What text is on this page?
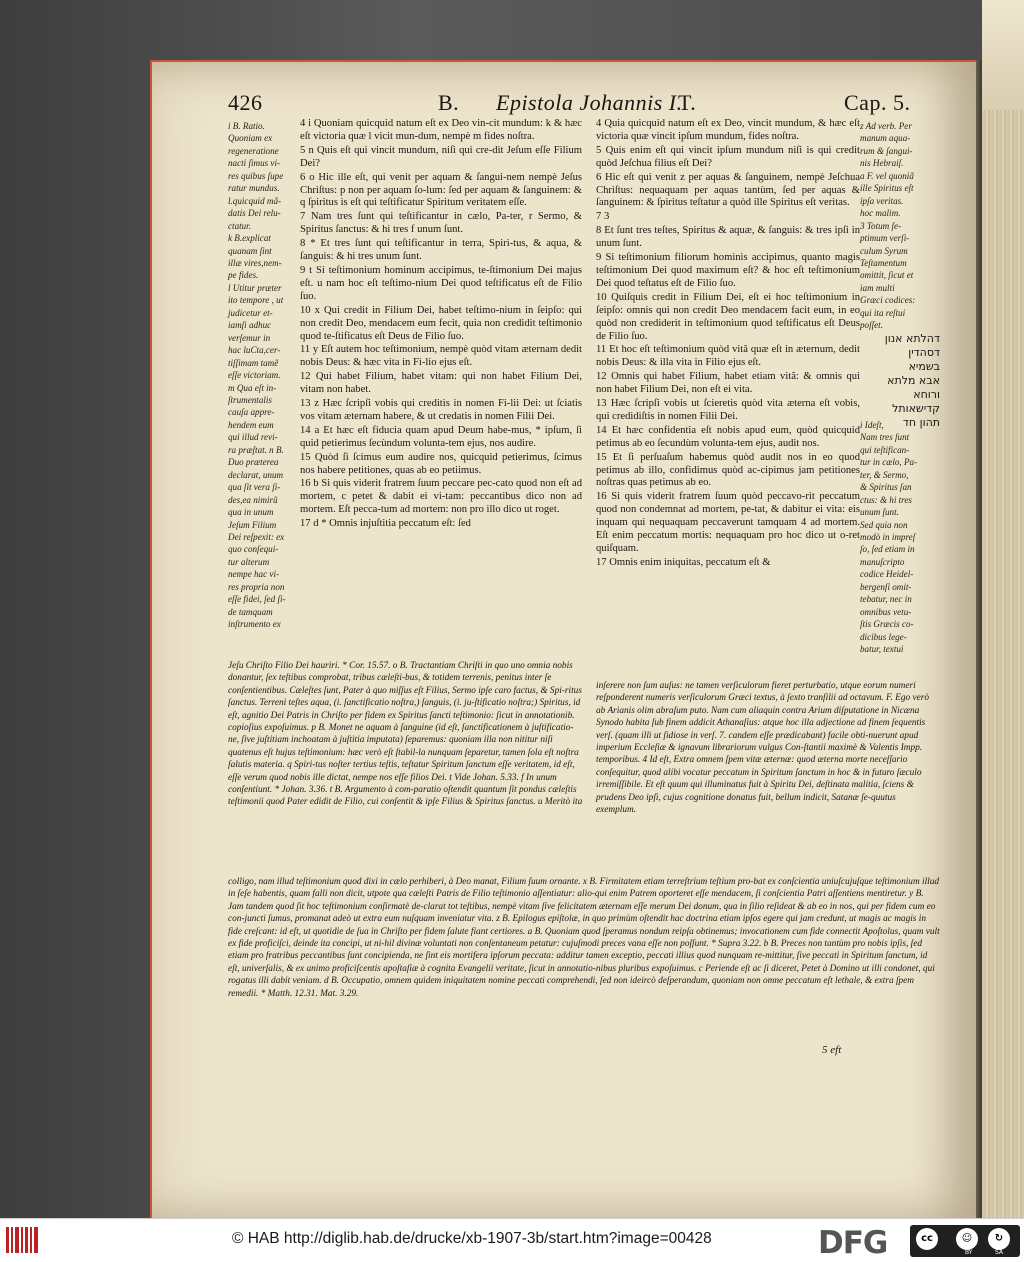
426	B. Epistola Johannis I.
T.	Cap. 5.

i B. Ratio.

Quoniam ex

regeneratione

nacti ſimus vi-

res quibus ſupe

ratur mundus.

l.quicquid mã-

datis Dei relu-

ctatur.

k B.explicat

quanam ſint

illæ vires,nem-

pe fides.

l Utitur præter

ito tempore , ut

judicetur et-

iamſi adhuc

verſemur in

hac luCta,cer-

tiſſimam tamẽ

eſſe victoriam.

m Qua eſt in-

ſtrumentalis

cauſa appre-

hendem eum

qui illud revi-

ra præſtat. n B.

Duo præterea

declarat, unum

qua ſit vera ſi-

des,ea nimirũ

qua in unum

Jeſum Filium

Dei reſpexit: ex

quo conſequi-

tur alterum

nempe hac vi-

res propria non

eſſe fidei, ſed ſi-

de tamquam

inſtrumento ex

4 i Quoniam quicquid natum eſt ex Deo vin-cit mundum: k & hæc eſt victoria quæ l vicit mun-dum, nempè m fides noſtra.

5 n Quis eſt qui vincit mundum, niſi qui cre-dit Jeſum eſſe Filium Dei?

6 o Hic ille eſt, qui venit per aquam & ſangui-nem nempè Jeſus Chriſtus: p non per aquam ſo-lum: ſed per aquam & ſanguinem: & q ſpiritus is eſt qui teſtificatur Spiritum veritatem eſſe.

7 Nam tres ſunt qui teſtificantur in cælo, Pa-ter, r Sermo, & Spiritus ſanctus: & hi tres f unum ſunt.

8 * Et tres ſunt qui teſtificantur in terra, Spiri-tus, & aqua, & ſanguis: & hi tres unum ſunt.

9 t Si teſtimonium hominum accipimus, te-ſtimonium Dei majus eſt. u nam hoc eſt teſtimo-nium Dei quod teſtificatus eſt de Filio ſuo.

10 x Qui credit in Filium Dei, habet teſtimo-nium in ſeipſo: qui non credit Deo, mendacem eum fecit, quia non credidit teſtimonio quod te-ſtificatus eſt Deus de Filio ſuo.

11 y Eſt autem hoc teſtimonium, nempè quòd vitam æternam dedit nobis Deus: & hæc vita in Fi-lio ejus eſt.

12 Qui habet Filium, habet vitam: qui non habet Filium Dei, vitam non habet.

13 z Hæc ſcripſi vobis qui creditis in nomen Fi-lii Dei: ut ſciatis vos vitam æternam habere, & ut credatis in nomen Filii Dei.

14 a Et hæc eſt fiducia quam apud Deum habe-mus, * ipſum, ſi quid petierimus ſecùndum volunta-tem ejus, nos audire.

15 Quòd ſi ſcimus eum audire nos, quicquid petierimus, ſcimus nos habere petitiones, quas ab eo petiimus.

16 b Si quis viderit fratrem ſuum peccare pec-cato quod non eſt ad mortem, c petet & dabit ei vi-tam: peccantibus dico non ad mortem. Eſt pecca-tum ad mortem: non pro illo dico ut roget.

17 d * Omnis injuſtitia peccatum eſt: ſed

4 Quia quicquid natum eſt ex Deo, vincit mundum, & hæc eſt victoria quæ vincit ipſum mundum, fides noſtra.

5 Quis enim eſt qui vincit ipſum mundum niſi is qui credit quòd Jeſchua filius eſt Dei?

6 Hic eſt qui venit z per aquas & ſanguinem, nempè Jeſchua Chriſtus: nequaquam per aquas tantùm, ſed per aquas & ſanguinem: & ſpiritus teſtatur a quòd ille Spiritus eſt veritas.

7 3

8 Et ſunt tres teſtes, Spiritus & aquæ, & ſanguis: & tres ipſi in unum ſunt.

9 Si teſtimonium filiorum hominis accipimus, quanto magis teſtimonium Dei quod maximum eſt? & hoc eſt teſtimonium Dei quod teſtatus eſt de Filio ſuo.

10 Quiſquis credit in Filium Dei, eſt ei hoc teſtimonium in ſeipſo: omnis qui non credit Deo mendacem facit eum, in eo quòd non crediderit in teſtimonium quod teſtificatus eſt Deus de Filio ſuo.

11 Et hoc eſt teſtimonium quòd vitã quæ eſt in æternum, dedit nobis Deus: & illa vita in Filio ejus eſt.

12 Omnis qui habet Filium, habet etiam vitã: & omnis qui non habet Filium Dei, non eſt ei vita.

13 Hæc ſcripſi vobis ut ſcieretis quòd vita æterna eſt vobis, qui credidiſtis in nomen Filii Dei.

14 Et hæc confidentia eſt nobis apud eum, quòd quicquid petimus ab eo ſecundùm volunta-tem ejus, audit nos.

15 Et ſi perſuaſum habemus quòd audit nos in eo quod petimus ab illo, confidimus quòd ac-cipimus jam petitiones noſtras quas petimus ab eo.

16 Si quis viderit fratrem ſuum quòd peccavo-rit peccatum quod non condemnat ad mortem, pe-tat, & dabitur ei vita: eis inquam qui nequaquam peccaverunt tamquam 4 ad mortem. Eſt enim peccatum mortis: nequaquam pro hoc dico ut o-ret quiſquam.

17 Omnis enim iniquitas, peccatum eſt &

z Ad verb. Per

manum aqua-

rum & ſangui-

nis Hebraiſ.

a F. vel quoniã

ille Spiritus eſt

ipſa veritas.

hoc malim.

3 Totum ſe-

ptimum verſi-

culum Syrum

Teſtamentum

omittit, ſicut et

iam multi

Græci codices:

qui ita reſtui

poſſet.

i Ideſt,

Nam tres ſunt

qui teſtifican-

tur in cælo, Pa-

ter, & Sermo,

& Spiritus ſan

ctus: & hi tres

unum ſunt.

Sed quia non

modò in impreſ

ſo, ſed etiam in

manuſcripto

codice Heidel-

bergenſi omit-

tebatur, nec in

omnibus vetu-

ſtis Græcis co-

dicibus lege-

batur, textui

דהלתא אנון
דסהדין
בשמיא
אבא מלתא
ורוחא
קדישאותל
תהון חד
Jeſu Chriſto Filio Dei hauriri. * Cor. 15.57. o B. Tractantiam Chriſti in quo uno omnia nobis donantur, ſex teſtibus comprobat, tribus cæleſti-bus, & totidem terrenis, penitus inter ſe conſentientibus. Cæleſtes ſunt, Pater à quo miſſus eſt Filius, Sermo ipſe caro factus, & Spi-ritus ſanctus. Terreni teſtes aqua, (i. ſanctificatio noſtra,) ſanguis, (i. ju-ſtificatio noſtra;) Spiritus, id eſt, agnitio Dei Patris in Chriſto per fidem ex Spiritus ſancti teſtimonio: ſicut in annotationib. copioſius expoſuimus. p B. Monet ne aquam à ſanguine (id eſt, ſanctificationem à juſtificatio-ne, ſive juſtitiam inchoatam à juſtitia imputata) ſeparemus: quoniam illa non nititur niſi quatenus eſt hujus teſtimonium: hæc verò eſt ſtabil-la nunquam ſeparetur, tamen ſola eſt noſtra ſalutis materia. q Spiri-tus noſter tertius teſtis, teſtatur Spiritum ſanctum eſſe veritatem, id eſt, eſſe verum quod nobis ille dictat, nempe nos eſſe filios Dei. t Vide Johan. 5.33. f In unum conſentiunt. * Johan. 3.36. t B. Argumento à com-paratio oſtendit quantum ſit pondus cæleſtis teſtimonii quod Pater edidit de Filio, cui conſentit & ipſe Filius & Spiritus ſanctus. u Meritò ita
inſerere non ſum auſus: ne tamen verſiculorum fieret perturbatio, utque eorum numeri reſponderent numeris verſiculorum Græci textus, à ſexto tranſilii ad octavum. F. Ego verò ab Arianis olim abraſum puto. Nam cum aliaquin contra Arium diſputatione in Nicæna Synodo habita ſub finem addicit Athanaſius: atque hoc illa adjectione ad finem ſequentis verſ. (quam illi ut ſidiose in verſ. 7. candem eſſe prædicabant) facile obti-nuerunt apud imperium Eccleſiæ & ignavum librariorum vulgus Con-ſtantii maximè & Valentis Impp. temporibus. 4 Id eſt, Extra omnem ſpem vitæ æternæ: quod æterna morte neceſſario conſequitur, quod alibi vocatur peccatum in Spiritum ſanctum in hoc & in futuro ſæculo irremiſſibile. Et eſt quum qui illuminatus fuit à Spiritu Dei, deſtinata malitia, ſciens & prudens Deo ipſi, cujus cognitione donatus fuit, bellum indicit, Satanæ ſe-quutus exemplum.
colligo, nam illud teſtimonium quod dixi in cælo perhiberi, à Deo manat, Filium ſuum ornante. x B. Firmitatem etiam terreſtrium teſtium pro-bat ex conſcientia uniuſcujuſque teſtimonium illud in ſeſe habentis, quam falli non dicit, utpote qua cæleſti Patris de Filio teſtimonio aſſentiatur: alio-qui enim Patrem oporteret eſſe mendacem, ſi conſcientia Patri aſſentiens mentiretur. y B. Jam tandem quod ſit hoc teſtimonium conſirmatè de-clarat tot teſtibus, nempè vitam ſive felicitatem æternam eſſe merum Dei donum, qua in ſilio reſideat & ab eo in nos, qui per fidem cum eo con-juncti ſumus, promanat adeò ut extra eum nuſquam inveniatur vita. z B. Epilogus epiſtolæ, in quo primùm oſtendit hac doctrina etiam ipſos egere qui jam credunt, ut magis ac magis in fide creſcant: id eſt, ut quotidie de ſua in Chriſto per fidem ſalute fiant certiores. a B. Quoniam quod ſperamus nondum reipſa obtinemus; invocationem cum fide connectit Apoſtolus, quam vult ex fide proficiſci, deinde ita concipi, ut ni-hil divinæ voluntati non conſentaneum petatur: cujuſmodi preces vana eſſe non poſſunt. * Supra 3.22. b B. Preces non tantùm pro nobis ipſis, ſed etiam pro fratribus peccantibus ſunt concipienda, ne ſint eis mortifera ipſorum peccata: additur tamen exceptio, peccati illius quod nunquam re-mittitur, ſive peccati in Spiritum ſanctum, id eſt, univerſalis, & ex animo proficiſcentis apoſtaſiæ à cognita Evangelii veritate, ſicut in annotatio-nibus pluribus expoſuimus. c Periende eſt ac ſi diceret, Petet à Domino ut illi condonet, qui rogatus illi dabit veniam. d B. Occupatio, omnem quidem iniquitatem nomine peccati comprehendi, ſed non ideircò deſperandum, quoniam non omne peccatum eſt lethale, & extra ſpem remedii. * Matth. 12.31. Mat. 3.29.
5 eft
© HAB http://diglib.hab.de/drucke/xb-1907-3b/start.htm?image=00428	DFG	cc	☺	↻
BY	SA
